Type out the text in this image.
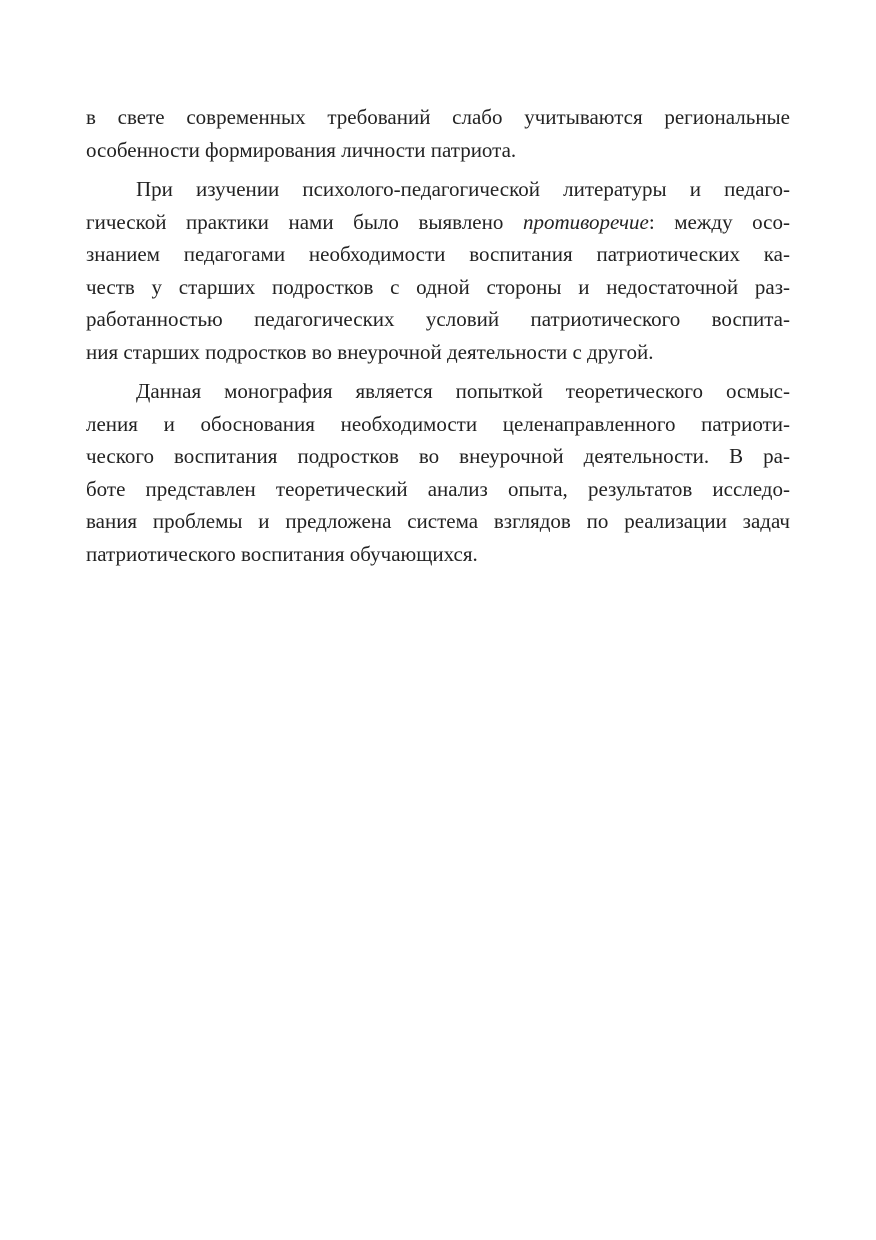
в свете современных требований слабо учитываются региональные
особенности формирования личности патриота.
При изучении психолого-педагогической литературы и педаго-
гической практики нами было выявлено противоречие: между осо-
знанием педагогами необходимости воспитания патриотических ка-
честв у старших подростков с одной стороны и недостаточной раз-
работанностью педагогических условий патриотического воспита-
ния старших подростков во внеурочной деятельности с другой.
Данная монография является попыткой теоретического осмыс-
ления и обоснования необходимости целенаправленного патриоти-
ческого воспитания подростков во внеурочной деятельности. В ра-
боте представлен теоретический анализ опыта, результатов исследо-
вания проблемы и предложена система взглядов по реализации задач
патриотического воспитания обучающихся.
